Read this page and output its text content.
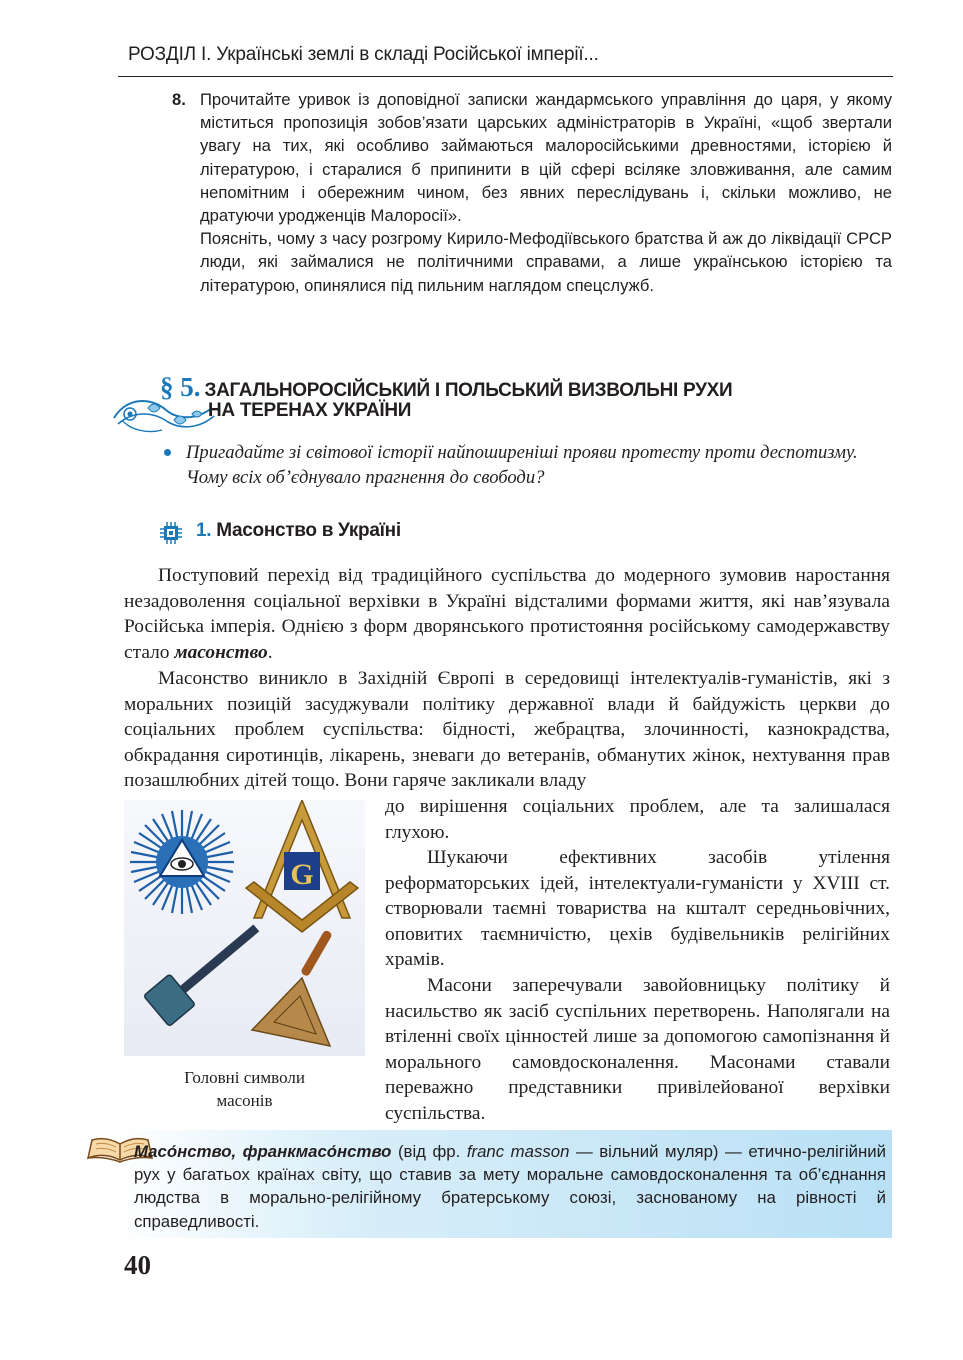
РОЗДІЛ I. Українські землі в складі Російської імперії...
8. Прочитайте уривок із доповідної записки жандармського управління до царя, у якому міститься пропозиція зобов’язати царських адміністраторів в Україні, «щоб звертали увагу на тих, які особливо займаються малоросійськими древностями, історією й літературою, і старалися б припинити в цій сфері всіляке зловживання, але самим непомітним і обережним чином, без явних переслідувань і, скільки можливо, не дратуючи уродженців Малоросії».

Поясніть, чому з часу розгрому Кирило-Мефодіївського братства й аж до ліквідації СРСР люди, які займалися не політичними справами, а лише українською історією та літературою, опинялися під пильним наглядом спецслужб.

§ 5. ЗАГАЛЬНОРОСІЙСЬКИЙ І ПОЛЬСЬКИЙ ВИЗВОЛЬНІ РУХИ
НА ТЕРЕНАХ УКРАЇНИ
Пригадайте зі світової історії найпоширеніші прояви протесту проти деспотизму. Чому всіх об’єднувало прагнення до свободи?
1. Масонство в Україні

Поступовий перехід від традиційного суспільства до модерного зумовив наростання незадоволення соціальної верхівки в Україні відсталими формами життя, які нав’язувала Російська імперія. Однією з форм дворянського протистояння російському самодержавству стало масонство.

Масонство виникло в Західній Європі в середовищі інтелектуалів-гуманістів, які з моральних позицій засуджували політику державної влади й байдужість церкви до соціальних проблем суспільства: бідності, жебрацтва, злочинності, казнокрадства, обкрадання сиротинців, лікарень, зневаги до ветеранів, обманутих жінок, нехтування прав позашлюбних дітей тощо. Вони гаряче закликали владу

до вирішення соціальних проблем, але та залишалася глухою.

Шукаючи ефективних засобів утілення реформаторських ідей, інтелектуали-гуманісти у XVIII ст. створювали таємні товариства на кшталт середньовічних, оповитих таємничістю, цехів будівельників релігійних храмів.

Масони заперечували завойовницьку політику й насильство як засіб суспільних перетворень. Наполягали на втіленні своїх цінностей лише за допомогою самопізнання й морального самовдосконалення. Масонами ставали переважно представники привілейованої верхівки суспільства.

G
Головні символи
масонів
Масо́нство, франкмасо́нство (від фр. franc masson — вільний муляр) — етично-релігійний рух у багатьох країнах світу, що ставив за мету моральне самовдосконалення та об’єднання людства в морально-релігійному братерському союзі, заснованому на рівності й справедливості.
40
